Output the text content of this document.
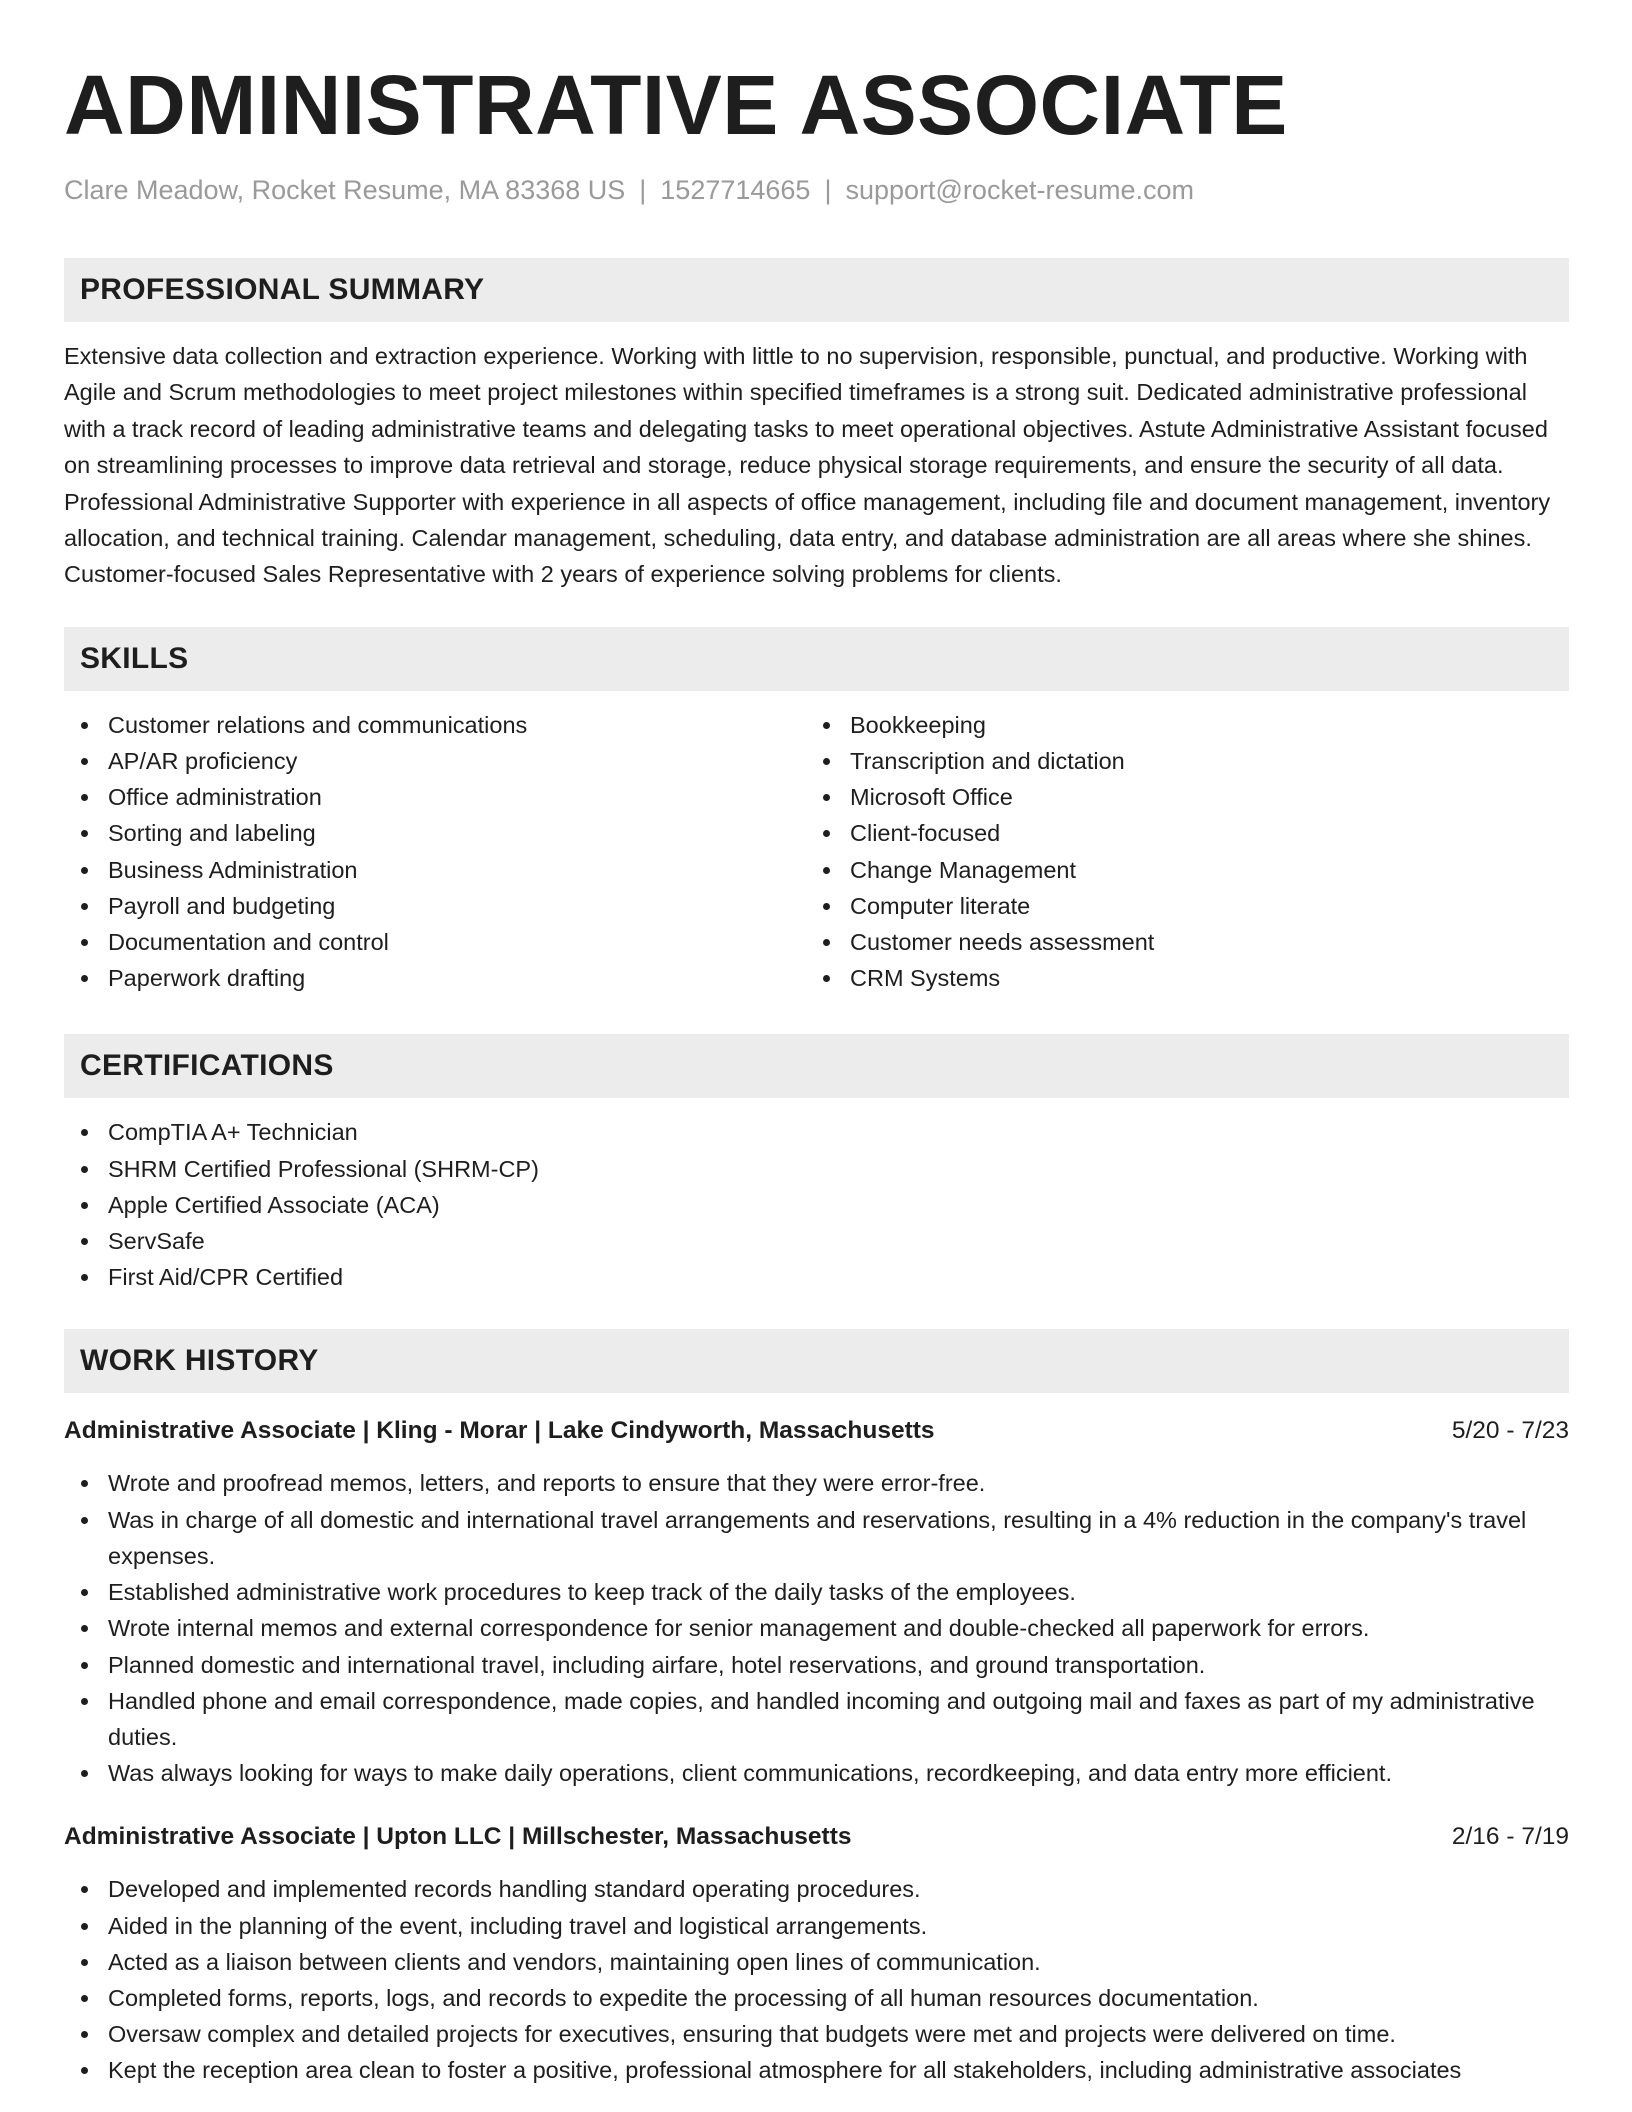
ADMINISTRATIVE ASSOCIATE
Clare Meadow, Rocket Resume, MA 83368 US | 1527714665 | support@rocket-resume.com
PROFESSIONAL SUMMARY
Extensive data collection and extraction experience. Working with little to no supervision, responsible, punctual, and productive. Working with Agile and Scrum methodologies to meet project milestones within specified timeframes is a strong suit. Dedicated administrative professional with a track record of leading administrative teams and delegating tasks to meet operational objectives. Astute Administrative Assistant focused on streamlining processes to improve data retrieval and storage, reduce physical storage requirements, and ensure the security of all data. Professional Administrative Supporter with experience in all aspects of office management, including file and document management, inventory allocation, and technical training. Calendar management, scheduling, data entry, and database administration are all areas where she shines. Customer-focused Sales Representative with 2 years of experience solving problems for clients.
SKILLS
Customer relations and communications
AP/AR proficiency
Office administration
Sorting and labeling
Business Administration
Payroll and budgeting
Documentation and control
Paperwork drafting
Bookkeeping
Transcription and dictation
Microsoft Office
Client-focused
Change Management
Computer literate
Customer needs assessment
CRM Systems
CERTIFICATIONS
CompTIA A+ Technician
SHRM Certified Professional (SHRM-CP)
Apple Certified Associate (ACA)
ServSafe
First Aid/CPR Certified
WORK HISTORY
Administrative Associate | Kling - Morar | Lake Cindyworth, Massachusetts	5/20 - 7/23
Wrote and proofread memos, letters, and reports to ensure that they were error-free.
Was in charge of all domestic and international travel arrangements and reservations, resulting in a 4% reduction in the company's travel expenses.
Established administrative work procedures to keep track of the daily tasks of the employees.
Wrote internal memos and external correspondence for senior management and double-checked all paperwork for errors.
Planned domestic and international travel, including airfare, hotel reservations, and ground transportation.
Handled phone and email correspondence, made copies, and handled incoming and outgoing mail and faxes as part of my administrative duties.
Was always looking for ways to make daily operations, client communications, recordkeeping, and data entry more efficient.
Administrative Associate | Upton LLC | Millschester, Massachusetts	2/16 - 7/19
Developed and implemented records handling standard operating procedures.
Aided in the planning of the event, including travel and logistical arrangements.
Acted as a liaison between clients and vendors, maintaining open lines of communication.
Completed forms, reports, logs, and records to expedite the processing of all human resources documentation.
Oversaw complex and detailed projects for executives, ensuring that budgets were met and projects were delivered on time.
Kept the reception area clean to foster a positive, professional atmosphere for all stakeholders, including administrative associates
